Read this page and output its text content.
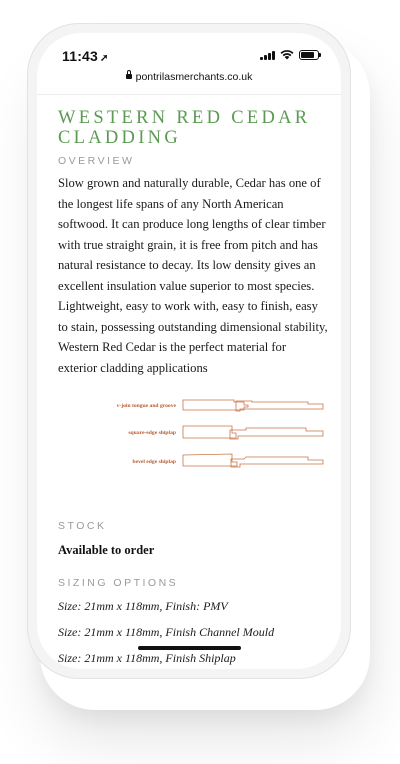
11:43 ➚
pontrilasmerchants.co.uk
WESTERN RED CEDAR CLADDING

OVERVIEW

Slow grown and naturally durable, Cedar has one of the longest life spans of any North American softwood. It can produce long lengths of clear timber with true straight grain, it is free from pitch and has natural resistance to decay. Its low density gives an excellent insulation value superior to most species. Lightweight, easy to work with, easy to finish, easy to stain, possessing outstanding dimensional stability, Western Red Cedar is the perfect material for exterior cladding applications

v-join tongue and groove
square-edge shiplap
bevel edge shiplap

STOCK

Available to order

SIZING OPTIONS

Size: 21mm x 118mm, Finish: PMV

Size: 21mm x 118mm, Finish Channel Mould

Size: 21mm x 118mm, Finish Shiplap
